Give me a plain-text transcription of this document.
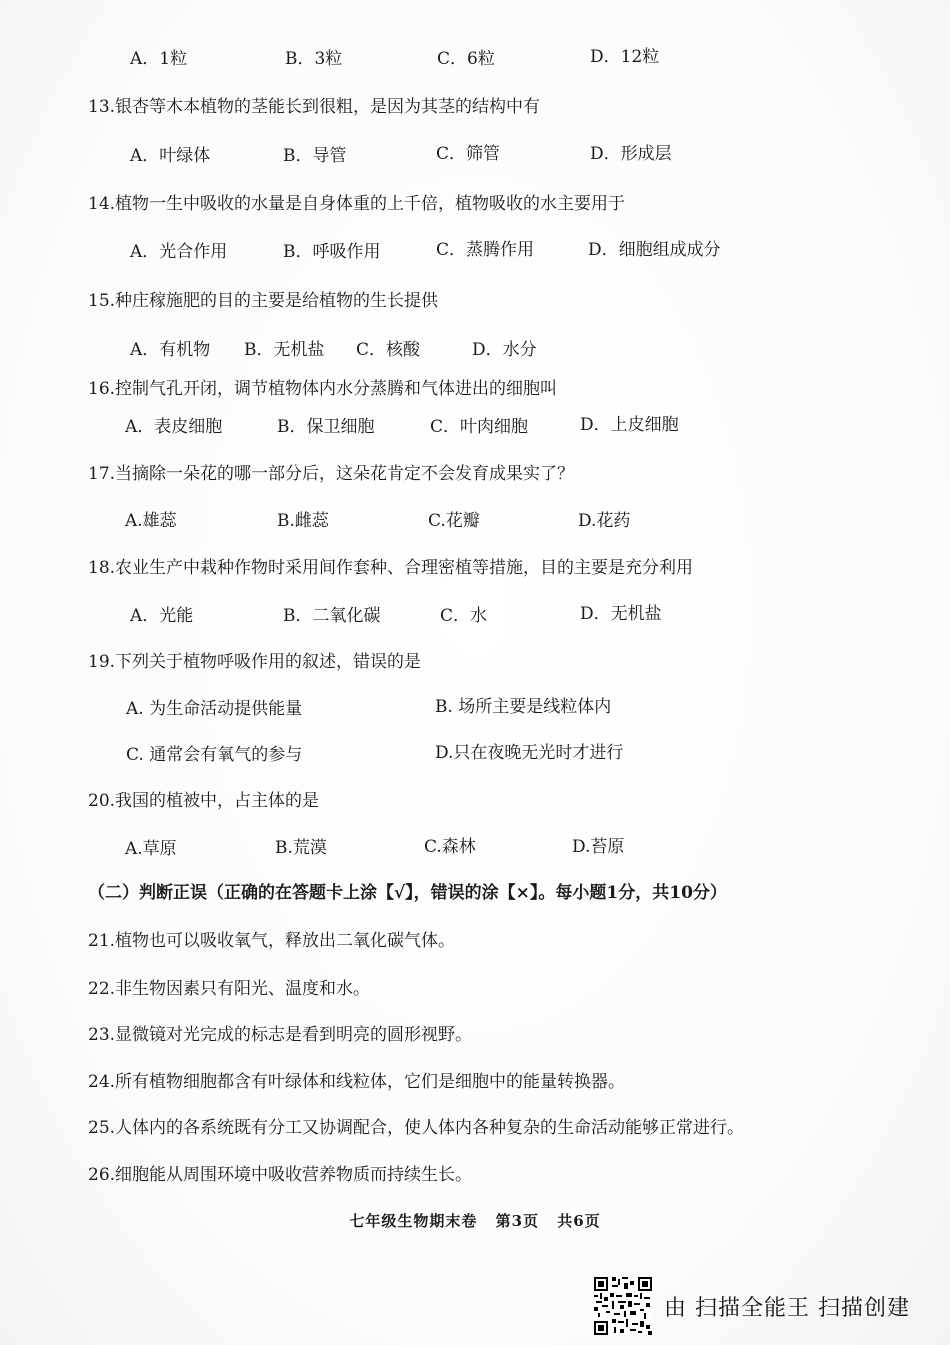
A．1粒	B．3粒	C．6粒	D．12粒
13.银杏等木本植物的茎能长到很粗，是因为其茎的结构中有
A．叶绿体	B．导管	C．筛管	D．形成层
14.植物一生中吸收的水量是自身体重的上千倍，植物吸收的水主要用于
A．光合作用	B．呼吸作用	C．蒸腾作用	D．细胞组成成分
15.种庄稼施肥的目的主要是给植物的生长提供
A．有机物 B．无机盐 C．核酸	D．水分
16.控制气孔开闭，调节植物体内水分蒸腾和气体进出的细胞叫
A．表皮细胞	B．保卫细胞	C．叶肉细胞	D．上皮细胞
17.当摘除一朵花的哪一部分后，这朵花肯定不会发育成果实了？
A.雄蕊	B.雌蕊	C.花瓣	D.花药
18.农业生产中栽种作物时采用间作套种、合理密植等措施，目的主要是充分利用
A．光能	B．二氧化碳	C．水	D．无机盐
19.下列关于植物呼吸作用的叙述，错误的是
A. 为生命活动提供能量	B. 场所主要是线粒体内
C. 通常会有氧气的参与	D.只在夜晚无光时才进行
20.我国的植被中，占主体的是
A.草原	B.荒漠	C.森林	D.苔原
（二）判断正误（正确的在答题卡上涂【√】，错误的涂【×】。每小题1分，共10分）
21.植物也可以吸收氧气，释放出二氧化碳气体。
22.非生物因素只有阳光、温度和水。
23.显微镜对光完成的标志是看到明亮的圆形视野。
24.所有植物细胞都含有叶绿体和线粒体，它们是细胞中的能量转换器。
25.人体内的各系统既有分工又协调配合，使人体内各种复杂的生命活动能够正常进行。
26.细胞能从周围环境中吸收营养物质而持续生长。
七年级生物期末卷 第3页 共6页
由 扫描全能王 扫描创建
